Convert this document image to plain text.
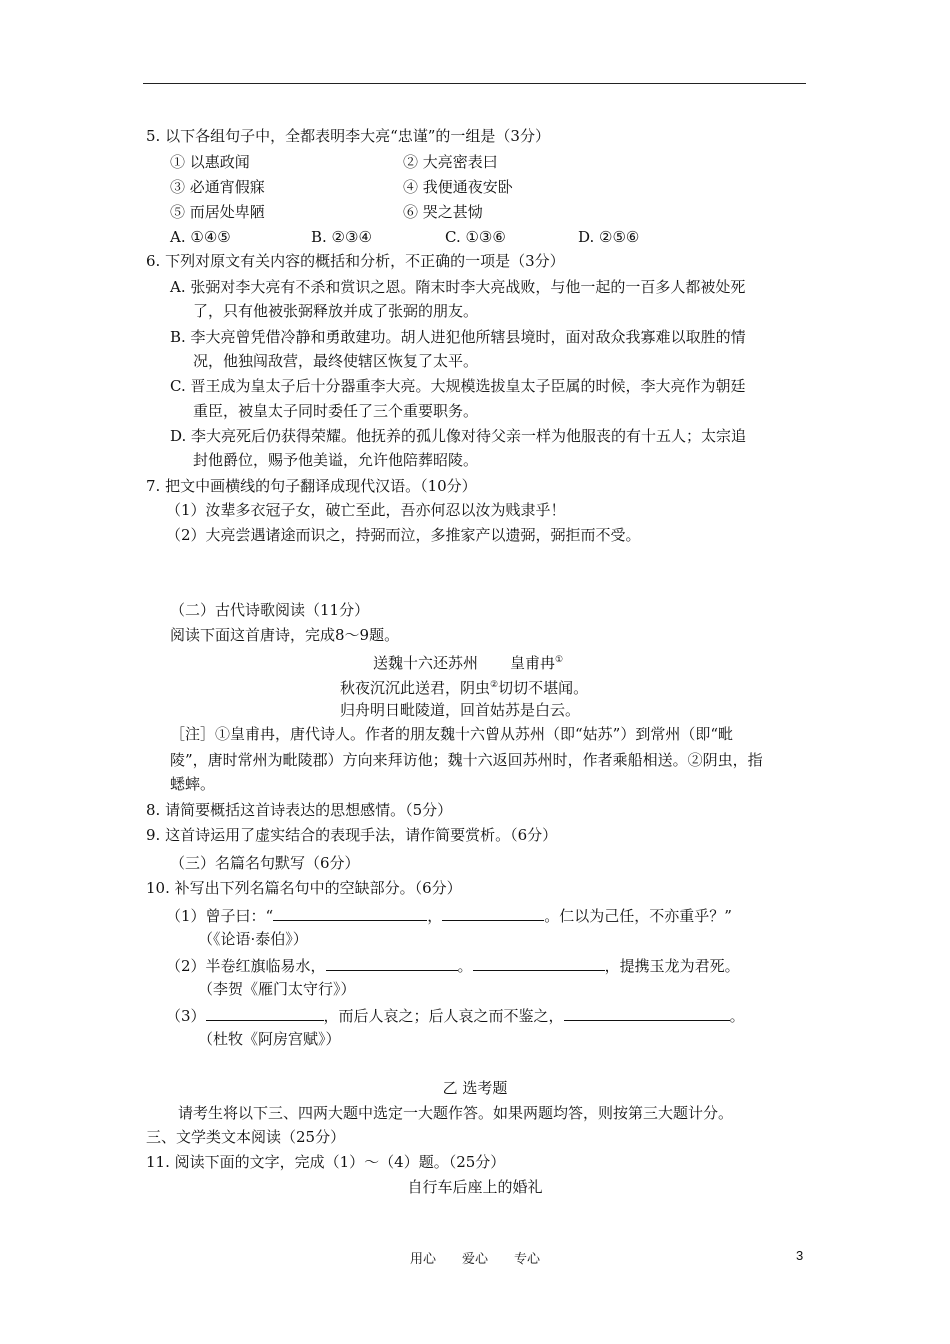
5. 以下各组句子中，全都表明李大亮“忠谨”的一组是（3分）
① 以惠政闻	② 大亮密表曰
③ 必通宵假寐	④ 我便通夜安卧
⑤ 而居处卑陋	⑥ 哭之甚恸
A. ①④⑤	B. ②③④	C. ①③⑥	D. ②⑤⑥
6. 下列对原文有关内容的概括和分析，不正确的一项是（3分）
A. 张弼对李大亮有不杀和赏识之恩。隋末时李大亮战败，与他一起的一百多人都被处死
了，只有他被张弼释放并成了张弼的朋友。
B. 李大亮曾凭借冷静和勇敢建功。胡人进犯他所辖县境时，面对敌众我寡难以取胜的情
况，他独闯敌营，最终使辖区恢复了太平。
C. 晋王成为皇太子后十分器重李大亮。大规模选拔皇太子臣属的时候，李大亮作为朝廷
重臣，被皇太子同时委任了三个重要职务。
D. 李大亮死后仍获得荣耀。他抚养的孤儿像对待父亲一样为他服丧的有十五人；太宗追
封他爵位，赐予他美谥，允许他陪葬昭陵。
7. 把文中画横线的句子翻译成现代汉语。（10分）
（1）汝辈多衣冠子女，破亡至此，吾亦何忍以汝为贱隶乎！
（2）大亮尝遇诸途而识之，持弼而泣，多推家产以遗弼，弼拒而不受。
（二）古代诗歌阅读（11分）
阅读下面这首唐诗，完成8～9题。
送魏十六还苏州 皇甫冉①
秋夜沉沉此送君，阴虫②切切不堪闻。
归舟明日毗陵道，回首姑苏是白云。
［注］①皇甫冉，唐代诗人。作者的朋友魏十六曾从苏州（即“姑苏”）到常州（即“毗
陵”，唐时常州为毗陵郡）方向来拜访他；魏十六返回苏州时，作者乘船相送。②阴虫，指
蟋蟀。
8. 请简要概括这首诗表达的思想感情。（5分）
9. 这首诗运用了虚实结合的表现手法，请作简要赏析。（6分）
（三）名篇名句默写（6分）
10. 补写出下列名篇名句中的空缺部分。（6分）
（1）曾子曰：“	，	。仁以为己任，不亦重乎？”
（《论语·泰伯》）
（2）半卷红旗临易水，	。	，提携玉龙为君死。
（李贺《雁门太守行》）
（3）	，而后人哀之；后人哀之而不鉴之，	。
（杜牧《阿房宫赋》）
乙 选考题
请考生将以下三、四两大题中选定一大题作答。如果两题均答，则按第三大题计分。
三、文学类文本阅读（25分）
11. 阅读下面的文字，完成（1）～（4）题。（25分）
自行车后座上的婚礼
用心 爱心 专心	3
